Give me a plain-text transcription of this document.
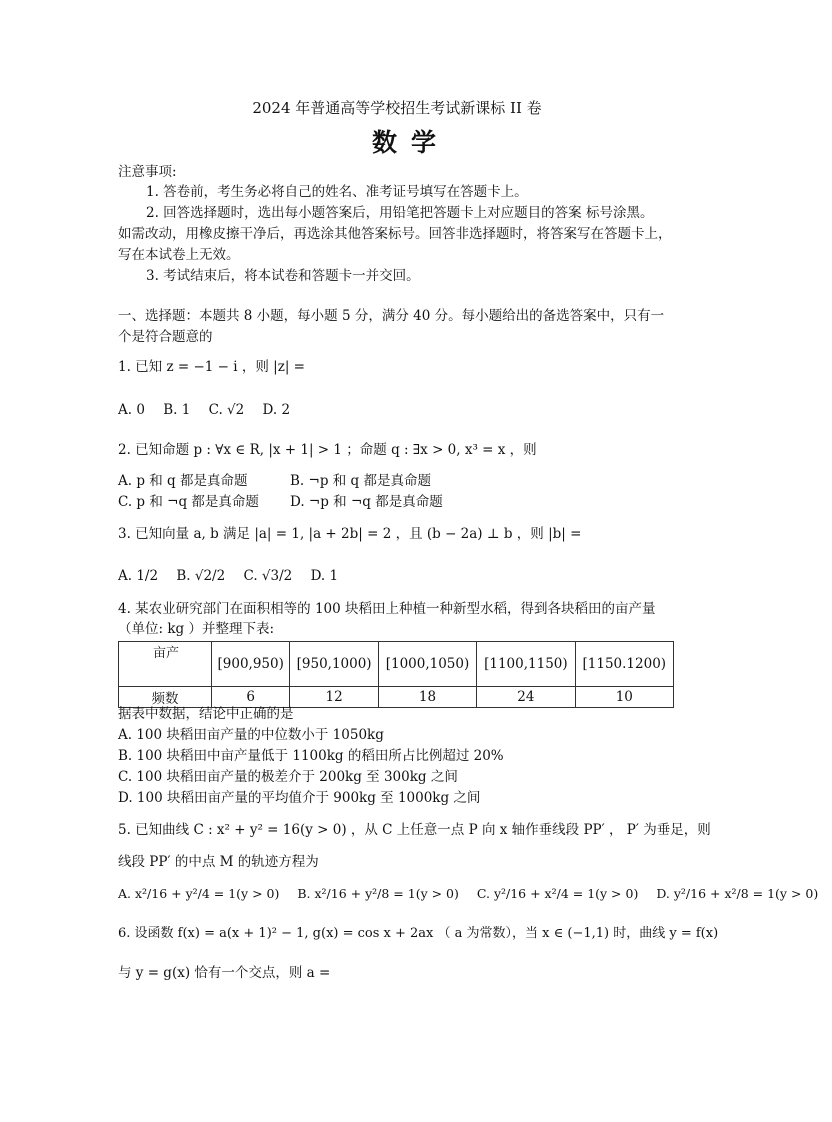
2024 年普通高等学校招生考试新课标 II 卷
数学
注意事项:
1. 答卷前，考生务必将自己的姓名、准考证号填写在答题卡上。
2. 回答选择题时，选出每小题答案后，用铅笔把答题卡上对应题目的答案 标号涂黑。
如需改动，用橡皮擦干净后，再选涂其他答案标号。回答非选择题时，将答案写在答题卡上，
写在本试卷上无效。
3. 考试结束后，将本试卷和答题卡一并交回。
一、选择题：本题共 8 小题，每小题 5 分，满分 40 分。每小题给出的备选答案中，只有一
个是符合题意的
1. 已知 z = −1 − i ，则 |z| =
A. 0 B. 1 C. √2 D. 2
2. 已知命题 p : ∀x ∈ R, |x + 1| > 1 ；命题 q : ∃x > 0, x³ = x ，则
A. p 和 q 都是真命题	B. ¬p 和 q 都是真命题
C. p 和 ¬q 都是真命题 D. ¬p 和 ¬q 都是真命题
3. 已知向量 a, b 满足 |a| = 1, |a + 2b| = 2 ，且 (b − 2a) ⊥ b ，则 |b| =
A. 1/2 B. √2/2 C. √3/2 D. 1
4. 某农业研究部门在面积相等的 100 块稻田上种植一种新型水稻，得到各块稻田的亩产量
（单位: kg ）并整理下表:
亩产	[900,950)	[950,1000)	[1000,1050)	[1100,1150)	[1150.1200)
频数	6	12	18	24	10
据表中数据，结论中正确的是
A. 100 块稻田亩产量的中位数小于 1050kg
B. 100 块稻田中亩产量低于 1100kg 的稻田所占比例超过 20%
C. 100 块稻田亩产量的极差介于 200kg 至 300kg 之间
D. 100 块稻田亩产量的平均值介于 900kg 至 1000kg 之间
5. 已知曲线 C : x² + y² = 16(y > 0) ，从 C 上任意一点 P 向 x 轴作垂线段 PP′ ， P′ 为垂足，则
线段 PP′ 的中点 M 的轨迹方程为
A. x²/16 + y²/4 = 1(y > 0) B. x²/16 + y²/8 = 1(y > 0) C. y²/16 + x²/4 = 1(y > 0) D. y²/16 + x²/8 = 1(y > 0)
6. 设函数 f(x) = a(x + 1)² − 1, g(x) = cos x + 2ax （ a 为常数），当 x ∈ (−1,1) 时，曲线 y = f(x)
与 y = g(x) 恰有一个交点，则 a =
